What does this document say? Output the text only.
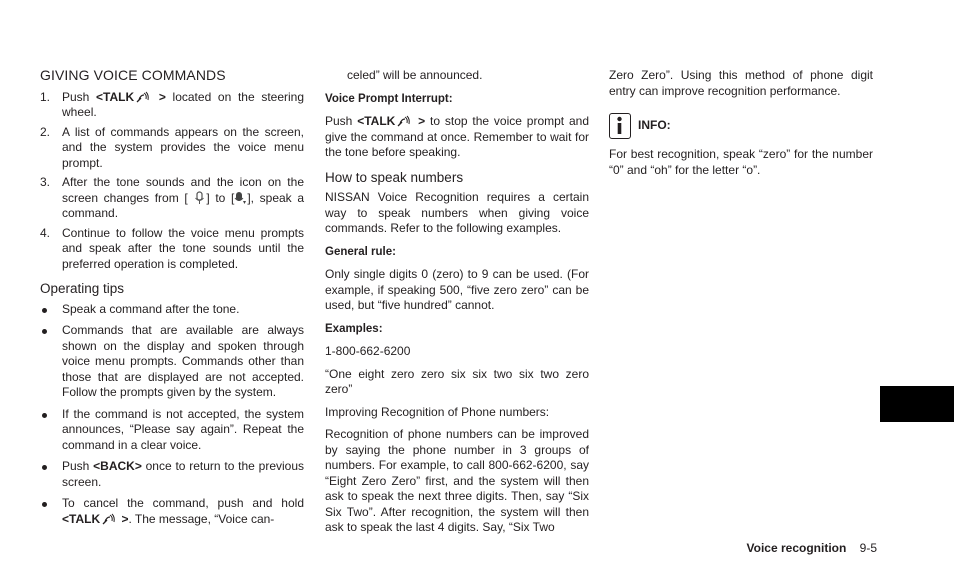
GIVING VOICE COMMANDS
1. Push <TALK > located on the steering wheel.
2. A list of commands appears on the screen, and the system provides the voice menu prompt.
3. After the tone sounds and the icon on the screen changes from [ ] to [ ], speak a command.
4. Continue to follow the voice menu prompts and speak after the tone sounds until the preferred operation is completed.
Operating tips
Speak a command after the tone.
Commands that are available are always shown on the display and spoken through voice menu prompts. Commands other than those that are displayed are not accepted. Follow the prompts given by the system.
If the command is not accepted, the system announces, “Please say again”. Repeat the command in a clear voice.
Push <BACK> once to return to the previous screen.
To cancel the command, push and hold <TALK >. The message, “Voice can-

celed” will be announced.

Voice Prompt Interrupt:

Push <TALK > to stop the voice prompt and give the command at once. Remember to wait for the tone before speaking.

How to speak numbers

NISSAN Voice Recognition requires a certain way to speak numbers when giving voice commands. Refer to the following examples.

General rule:

Only single digits 0 (zero) to 9 can be used. (For example, if speaking 500, “five zero zero” can be used, but “five hundred” cannot.

Examples:

1-800-662-6200

“One eight zero zero six six two six two zero zero”

Improving Recognition of Phone numbers:

Recognition of phone numbers can be improved by saying the phone number in 3 groups of numbers. For example, to call 800-662-6200, say “Eight Zero Zero” first, and the system will then ask to speak the next three digits. Then, say “Six Six Two”. After recognition, the system will then ask to speak the last 4 digits. Say, “Six Two

Zero Zero”. Using this method of phone digit entry can improve recognition performance.

INFO:

For best recognition, speak “zero” for the number “0” and “oh” for the letter “o”.

Voice recognition 9-5
